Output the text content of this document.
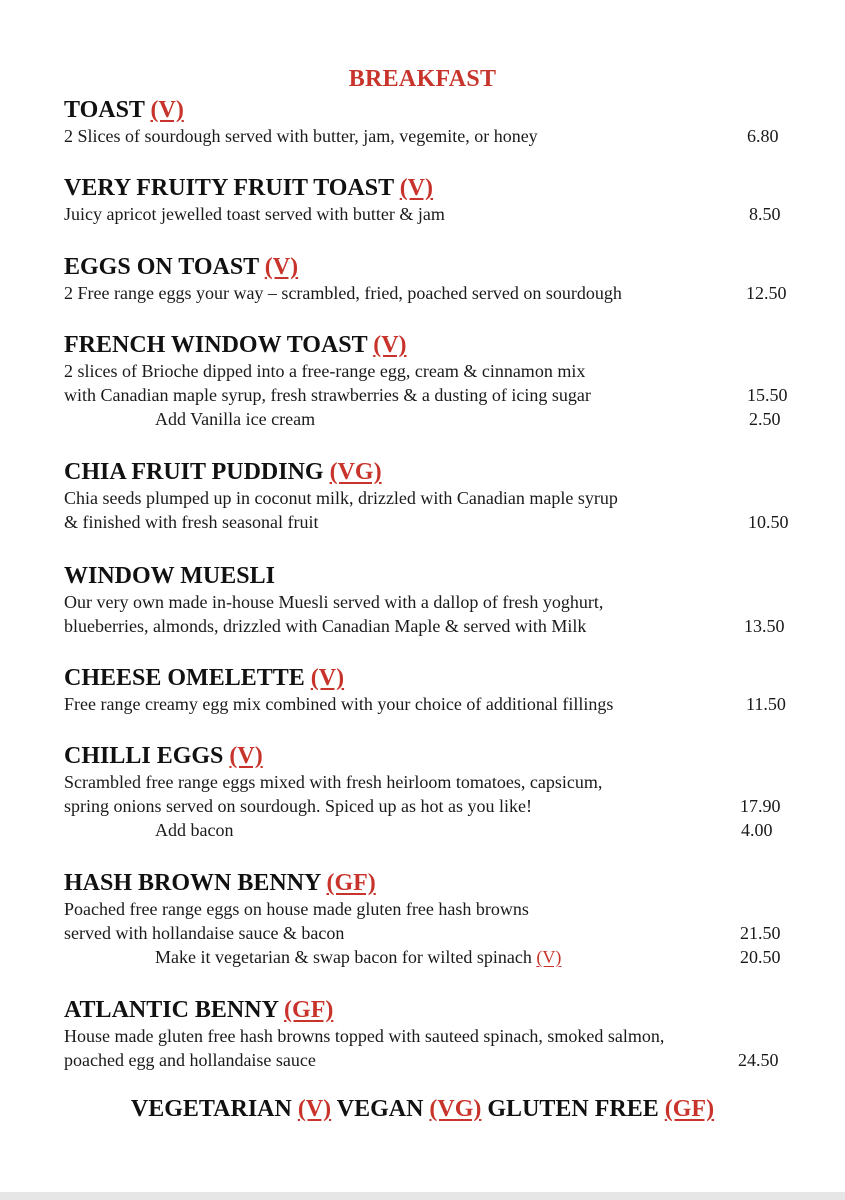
BREAKFAST
TOAST (V)
2 Slices of sourdough served with butter, jam, vegemite, or honey	6.80
VERY FRUITY FRUIT TOAST (V)
Juicy apricot jewelled toast served with butter & jam	8.50
EGGS ON TOAST (V)
2 Free range eggs your way – scrambled, fried, poached served on sourdough	12.50
FRENCH WINDOW TOAST (V)
2 slices of Brioche dipped into a free-range egg, cream & cinnamon mix
with Canadian maple syrup, fresh strawberries & a dusting of icing sugar	15.50
Add Vanilla ice cream	2.50
CHIA FRUIT PUDDING (VG)
Chia seeds plumped up in coconut milk, drizzled with Canadian maple syrup
& finished with fresh seasonal fruit	10.50
WINDOW MUESLI
Our very own made in-house Muesli served with a dallop of fresh yoghurt,
blueberries, almonds, drizzled with Canadian Maple & served with Milk	13.50
CHEESE OMELETTE (V)
Free range creamy egg mix combined with your choice of additional fillings	11.50
CHILLI EGGS (V)
Scrambled free range eggs mixed with fresh heirloom tomatoes, capsicum,
spring onions served on sourdough. Spiced up as hot as you like!	17.90
Add bacon	4.00
HASH BROWN BENNY (GF)
Poached free range eggs on house made gluten free hash browns
served with hollandaise sauce & bacon	21.50
Make it vegetarian & swap bacon for wilted spinach (V)	20.50
ATLANTIC BENNY (GF)
House made gluten free hash browns topped with sauteed spinach, smoked salmon,
poached egg and hollandaise sauce	24.50
VEGETARIAN (V) VEGAN (VG) GLUTEN FREE (GF)
